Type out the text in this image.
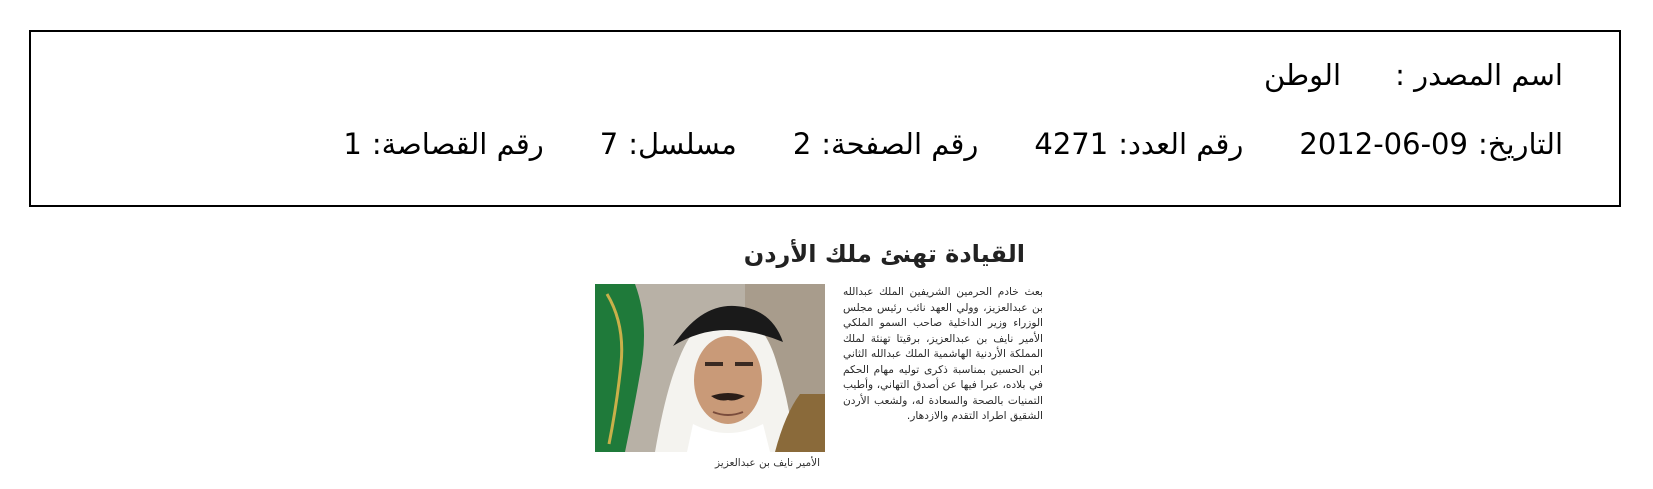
اسم المصدر :
الوطن
التاريخ:
2012-06-09
رقم العدد:
4271
رقم الصفحة:
2
مسلسل:
7
رقم القصاصة:
1
القيادة تهنئ ملك الأردن
بعث خادم الحرمين الشريفين الملك عبدالله بن عبدالعزيز، وولي العهد نائب رئيس مجلس الوزراء وزير الداخلية صاحب السمو الملكي الأمير نايف بن عبدالعزيز، برقيتا تهنئة لملك المملكة الأردنية الهاشمية الملك عبدالله الثاني ابن الحسين بمناسبة ذكرى توليه مهام الحكم في بلاده، عبرا فيها عن أصدق التهاني، وأطيب التمنيات بالصحة والسعادة له، ولشعب الأردن الشقيق اطراد التقدم والازدهار.
الأمير نايف بن عبدالعزيز
